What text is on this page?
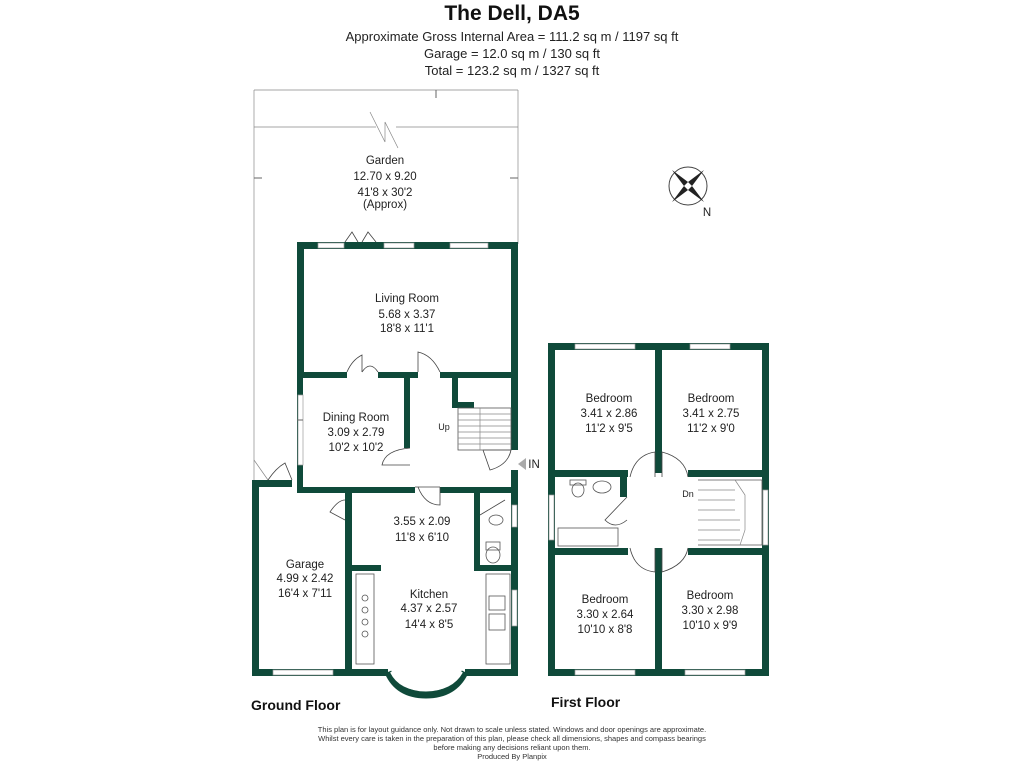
The Dell, DA5
Approximate Gross Internal Area = 111.2 sq m / 1197 sq ft
Garage = 12.0 sq m / 130 sq ft
Total = 123.2 sq m / 1327 sq ft
Garden
12.70 x 9.20
41'8 x 30'2
(Approx)
Living Room
5.68 x 3.37
18'8 x 11'1
Dining Room
3.09 x 2.79
10'2 x 10'2
Up
IN
3.55 x 2.09
11'8 x 6'10
Garage
4.99 x 2.42
16'4 x 7'11	Kitchen
4.37 x 2.57
14'4 x 8'5
N
Bedroom
3.41 x 2.86
11'2 x 9'5
Bedroom
3.41 x 2.75
11'2 x 9'0
Bedroom
3.30 x 2.64
10'10 x 8'8
Bedroom
3.30 x 2.98
10'10 x 9'9
Dn
Ground Floor	First Floor
This plan is for layout guidance only. Not drawn to scale unless stated. Windows and door openings are approximate. Whilst every care is taken in the preparation of this plan, please check all dimensions, shapes and compass bearings before making any decisions reliant upon them.
Produced By Planpix
